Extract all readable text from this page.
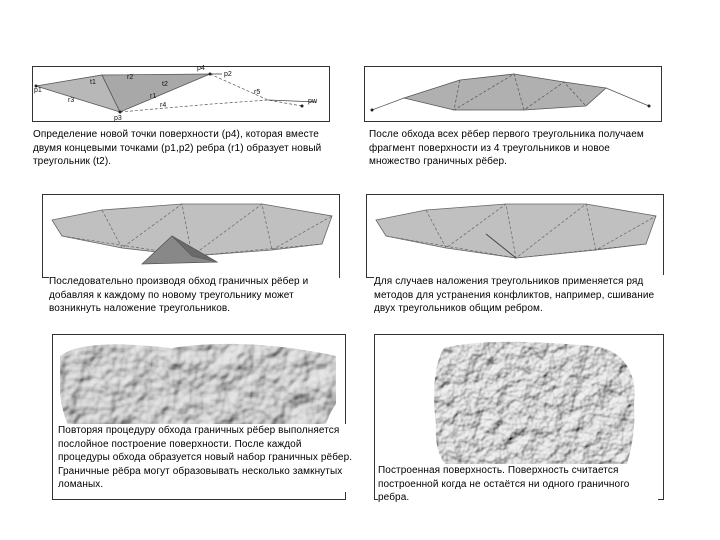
p4
p1
p2
p3
r1
r2
r3
r4
r5
t1	t2
pw
Определение новой точки поверхности (p4), которая вместе двумя концевыми точками (p1,p2) ребра (r1) образует новый треугольник (t2).
После обхода всех рёбер первого треугольника получаем фрагмент поверхности из 4 треугольников и новое множество граничных рёбер.
Последовательно производя обход граничных рёбер и добавляя к каждому по новому треугольнику может возникнуть наложение треугольников.
Для случаев наложения треугольников применяется ряд методов для устранения конфликтов, например, сшивание двух треугольников общим ребром.
Повторяя процедуру обхода граничных рёбер выполняется послойное построение поверхности. После каждой процедуры обхода образуется новый набор граничных рёбер. Граничные рёбра могут образовывать несколько замкнутых ломаных.
Построенная поверхность. Поверхность считается построенной когда не остаётся ни одного граничного ребра.
